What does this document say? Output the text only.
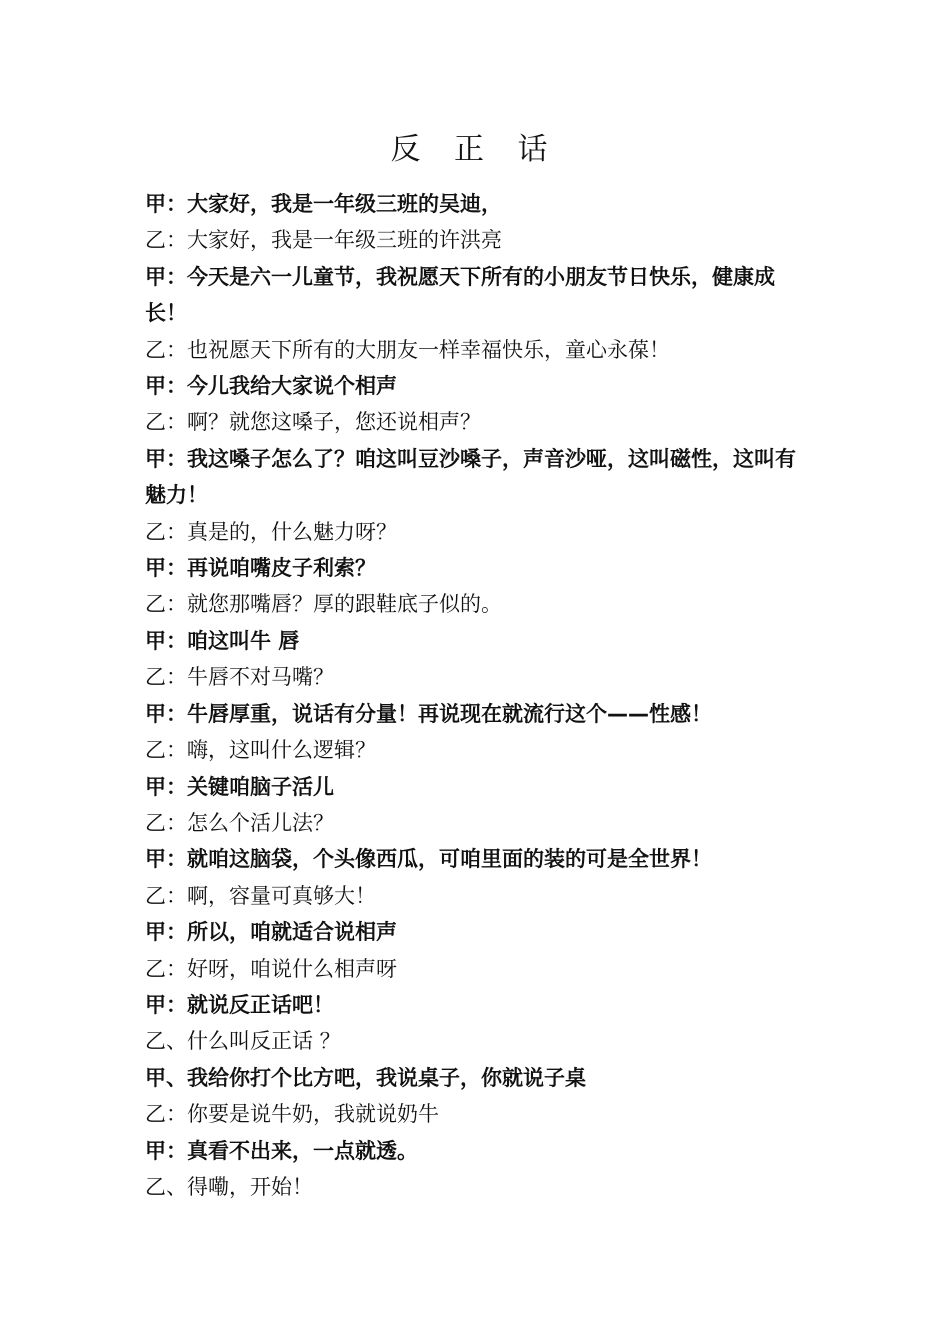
反 正 话
甲：大家好，我是一年级三班的吴迪，
乙：大家好，我是一年级三班的许洪亮
甲：今天是六一儿童节，我祝愿天下所有的小朋友节日快乐，健康成长！
乙：也祝愿天下所有的大朋友一样幸福快乐，童心永葆！
甲：今儿我给大家说个相声
乙：啊？就您这嗓子，您还说相声？
甲：我这嗓子怎么了？咱这叫豆沙嗓子，声音沙哑，这叫磁性，这叫有魅力！
乙：真是的，什么魅力呀？
甲：再说咱嘴皮子利索？
乙：就您那嘴唇？厚的跟鞋底子似的。
甲：咱这叫牛 唇
乙：牛唇不对马嘴？
甲：牛唇厚重，说话有分量！再说现在就流行这个——性感！
乙：嗨，这叫什么逻辑？
甲：关键咱脑子活儿
乙：怎么个活儿法？
甲：就咱这脑袋，个头像西瓜，可咱里面的装的可是全世界！
乙：啊，容量可真够大！
甲：所以，咱就适合说相声
乙：好呀，咱说什么相声呀
甲：就说反正话吧！
乙、什么叫反正话 ？
甲、我给你打个比方吧，我说桌子，你就说子桌
乙：你要是说牛奶，我就说奶牛
甲：真看不出来，一点就透。
乙、得嘞，开始！
